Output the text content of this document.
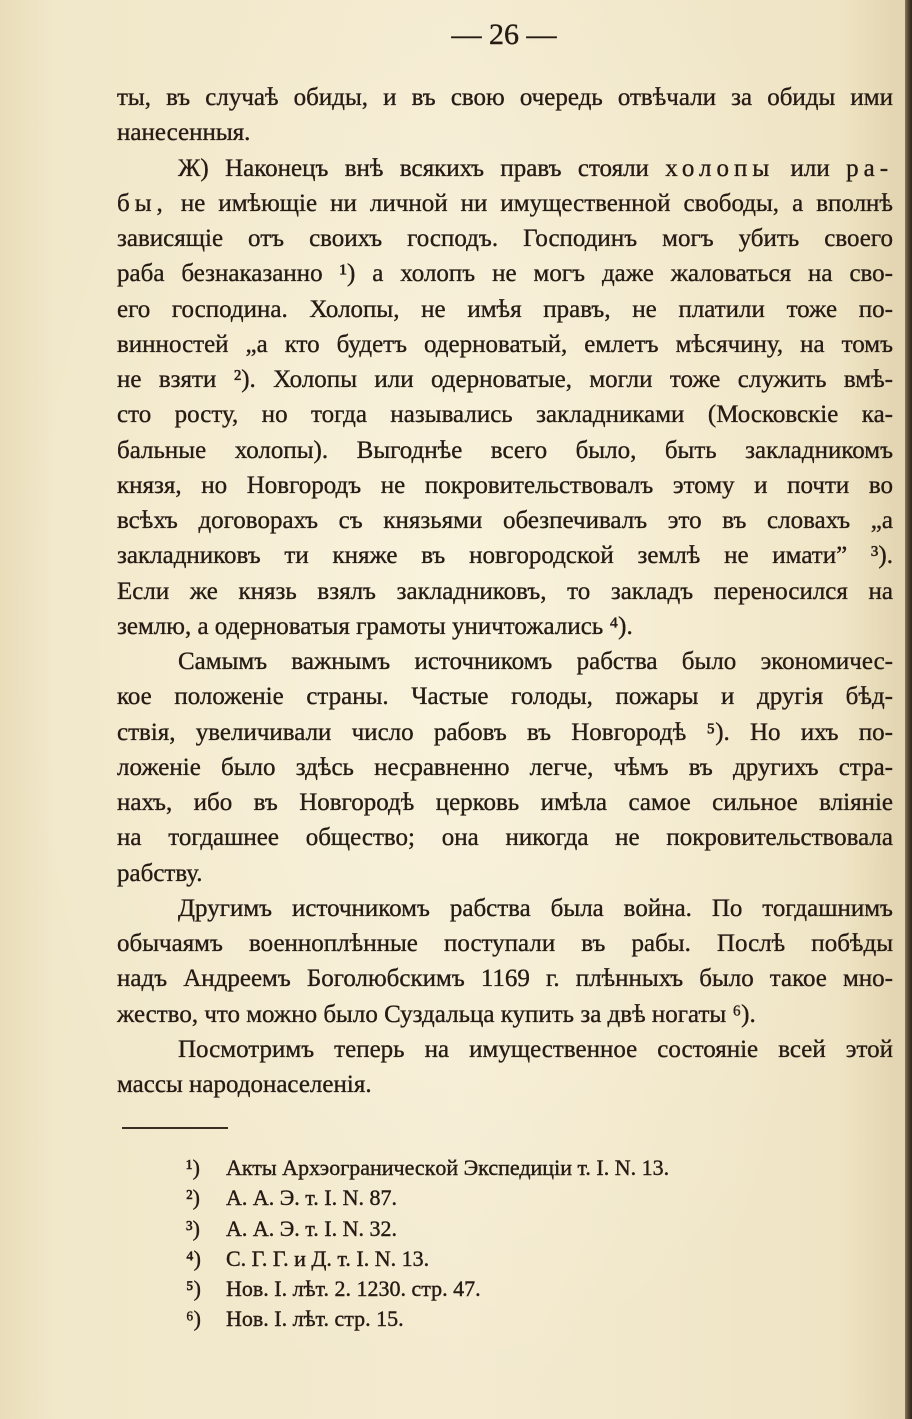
— 26 —
ты, въ случаѣ обиды, и въ свою очередь отвѣчали за обиды ими
нанесенныя.
Ж) Наконецъ внѣ всякихъ правъ стояли холопы или ра-
бы, не имѣющіе ни личной ни имущественной свободы, а вполнѣ
зависящіе отъ своихъ господъ. Господинъ могъ убить своего
раба безнаказанно ¹) а холопъ не могъ даже жаловаться на сво-
его господина. Холопы, не имѣя правъ, не платили тоже по-
винностей „а кто будетъ одерноватый, емлетъ мѣсячину, на томъ
не взяти ²). Холопы или одерноватые, могли тоже служить вмѣ-
сто росту, но тогда назывались закладниками (Московскіе ка-
бальные холопы). Выгоднѣе всего было, быть закладникомъ
князя, но Новгородъ не покровительствовалъ этому и почти во
всѣхъ договорахъ съ князьями обезпечивалъ это въ словахъ „а
закладниковъ ти княже въ новгородской землѣ не имати” ³).
Если же князь взялъ закладниковъ, то закладъ переносился на
землю, а одерноватыя грамоты уничтожались ⁴).
Самымъ важнымъ источникомъ рабства было экономичес-
кое положеніе страны. Частые голоды, пожары и другія бѣд-
ствія, увеличивали число рабовъ въ Новгородѣ ⁵). Но ихъ по-
ложеніе было здѣсь несравненно легче, чѣмъ въ другихъ стра-
нахъ, ибо въ Новгородѣ церковь имѣла самое сильное вліяніе
на тогдашнее общество; она никогда не покровительствовала
рабству.
Другимъ источникомъ рабства была война. По тогдашнимъ
обычаямъ военноплѣнные поступали въ рабы. Послѣ побѣды
надъ Андреемъ Боголюбскимъ 1169 г. плѣнныхъ было такое мно-
жество, что можно было Суздальца купить за двѣ ногаты ⁶).
Посмотримъ теперь на имущественное состояніе всей этой
массы народонаселенія.
¹) Акты Архэограническoй Экспедиціи т. I. N. 13.
²) А. А. Э. т. I. N. 87.
³) А. А. Э. т. I. N. 32.
⁴) С. Г. Г. и Д. т. I. N. 13.
⁵) Нов. I. лѣт. 2. 1230. стр. 47.
⁶) Нов. I. лѣт. стр. 15.
